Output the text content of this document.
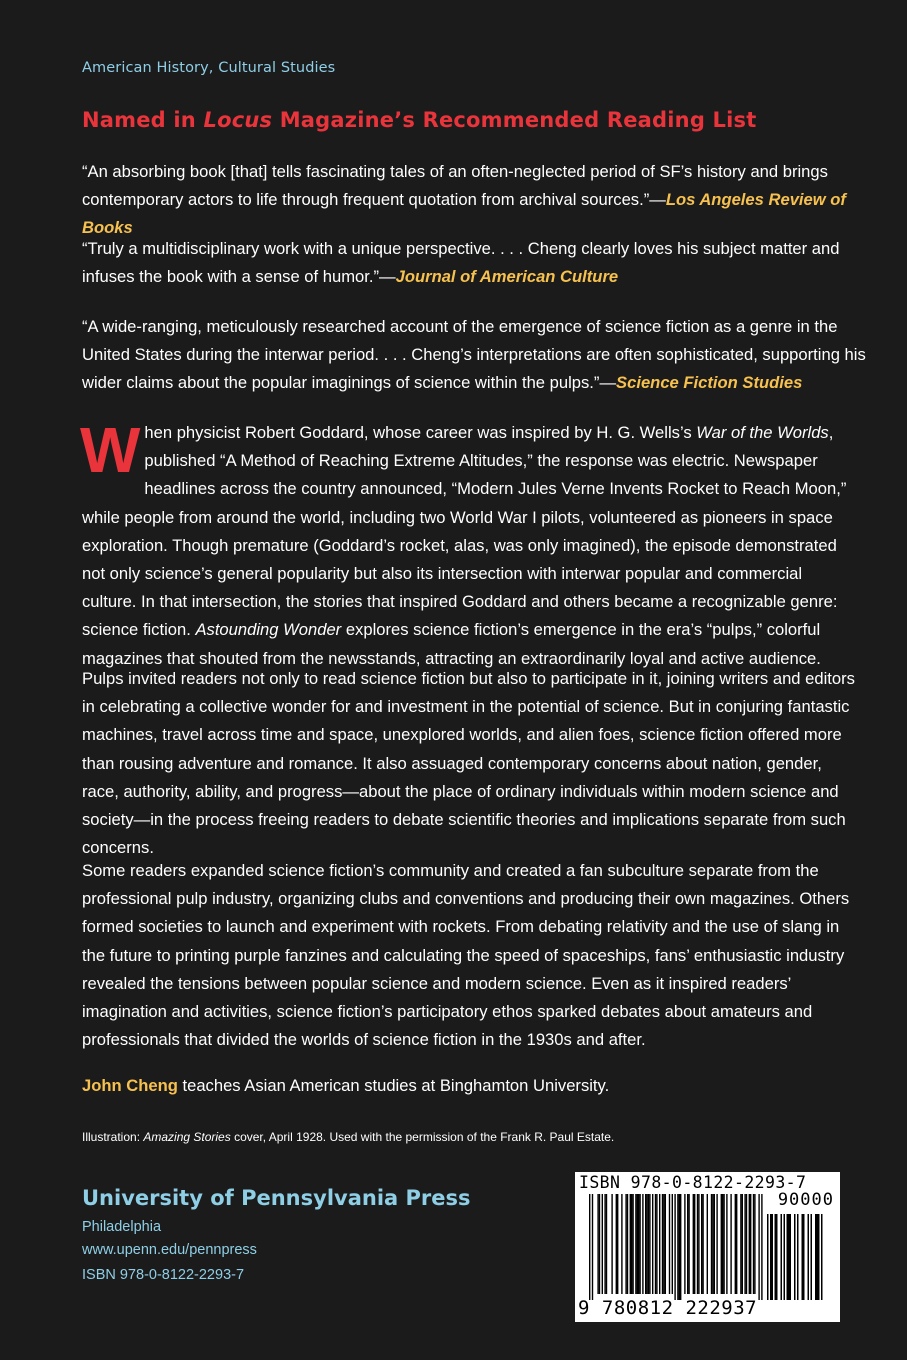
American History, Cultural Studies
Named in Locus Magazine’s Recommended Reading List
“An absorbing book [that] tells fascinating tales of an often-neglected period of SF’s history and brings contemporary actors to life through frequent quotation from archival sources.”—Los Angeles Review of Books
“Truly a multidisciplinary work with a unique perspective. . . . Cheng clearly loves his subject matter and infuses the book with a sense of humor.”—Journal of American Culture
“A wide-ranging, meticulously researched account of the emergence of science fiction as a genre in the United States during the interwar period. . . . Cheng’s interpretations are often sophisticated, supporting his wider claims about the popular imaginings of science within the pulps.”—Science Fiction Studies
When physicist Robert Goddard, whose career was inspired by H. G. Wells’s War of the Worlds, published “A Method of Reaching Extreme Altitudes,” the response was electric. Newspaper headlines across the country announced, “Modern Jules Verne Invents Rocket to Reach Moon,” while people from around the world, including two World War I pilots, volunteered as pioneers in space exploration. Though premature (Goddard’s rocket, alas, was only imagined), the episode demonstrated not only science’s general popularity but also its intersection with interwar popular and commercial culture. In that intersection, the stories that inspired Goddard and others became a recognizable genre: science fiction. Astounding Wonder explores science fiction’s emergence in the era’s “pulps,” colorful magazines that shouted from the newsstands, attracting an extraordinarily loyal and active audience.
Pulps invited readers not only to read science fiction but also to participate in it, joining writers and editors in celebrating a collective wonder for and investment in the potential of science. But in conjuring fantastic machines, travel across time and space, unexplored worlds, and alien foes, science fiction offered more than rousing adventure and romance. It also assuaged contemporary concerns about nation, gender, race, authority, ability, and progress—about the place of ordinary individuals within modern science and society—in the process freeing readers to debate scientific theories and implications separate from such concerns.
Some readers expanded science fiction’s community and created a fan subculture separate from the professional pulp industry, organizing clubs and conventions and producing their own magazines. Others formed societies to launch and experiment with rockets. From debating relativity and the use of slang in the future to printing purple fanzines and calculating the speed of spaceships, fans’ enthusiastic industry revealed the tensions between popular science and modern science. Even as it inspired readers’ imagination and activities, science fiction’s participatory ethos sparked debates about amateurs and professionals that divided the worlds of science fiction in the 1930s and after.
John Cheng teaches Asian American studies at Binghamton University.
Illustration: Amazing Stories cover, April 1928. Used with the permission of the Frank R. Paul Estate.
University of Pennsylvania Press
Philadelphia
www.upenn.edu/pennpress
ISBN 978-0-8122-2293-7
ISBN 978-0-8122-2293-7
90000
9 780812 222937
